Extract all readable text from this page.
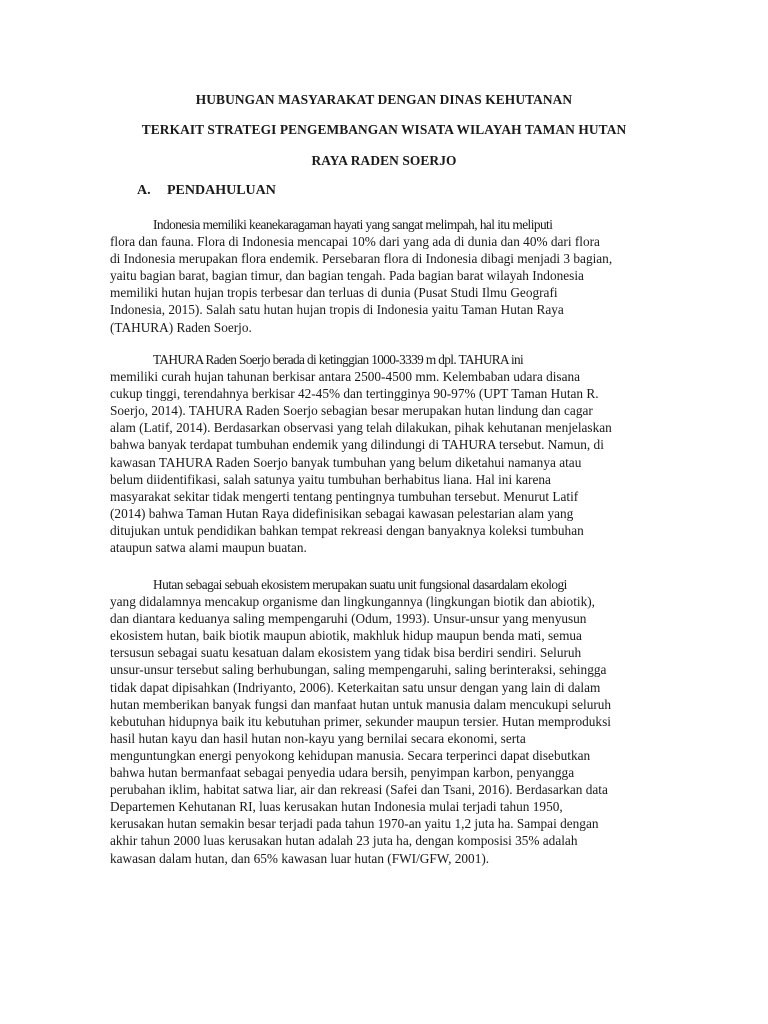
HUBUNGAN MASYARAKAT DENGAN DINAS KEHUTANAN
TERKAIT STRATEGI PENGEMBANGAN WISATA WILAYAH TAMAN HUTAN
RAYA RADEN SOERJO
A. PENDAHULUAN
Indonesia memiliki keanekaragaman hayati yang sangat melimpah, hal itu meliputi
flora dan fauna. Flora di Indonesia mencapai 10% dari yang ada di dunia dan 40% dari flora
di Indonesia merupakan flora endemik. Persebaran flora di Indonesia dibagi menjadi 3 bagian,
yaitu bagian barat, bagian timur, dan bagian tengah. Pada bagian barat wilayah Indonesia
memiliki hutan hujan tropis terbesar dan terluas di dunia (Pusat Studi Ilmu Geografi
Indonesia, 2015). Salah satu hutan hujan tropis di Indonesia yaitu Taman Hutan Raya
(TAHURA) Raden Soerjo.
TAHURA Raden Soerjo berada di ketinggian 1000-3339 m dpl. TAHURA ini
memiliki curah hujan tahunan berkisar antara 2500-4500 mm. Kelembaban udara disana
cukup tinggi, terendahnya berkisar 42-45% dan tertingginya 90-97% (UPT Taman Hutan R.
Soerjo, 2014). TAHURA Raden Soerjo sebagian besar merupakan hutan lindung dan cagar
alam (Latif, 2014). Berdasarkan observasi yang telah dilakukan, pihak kehutanan menjelaskan
bahwa banyak terdapat tumbuhan endemik yang dilindungi di TAHURA tersebut. Namun, di
kawasan TAHURA Raden Soerjo banyak tumbuhan yang belum diketahui namanya atau
belum diidentifikasi, salah satunya yaitu tumbuhan berhabitus liana. Hal ini karena
masyarakat sekitar tidak mengerti tentang pentingnya tumbuhan tersebut. Menurut Latif
(2014) bahwa Taman Hutan Raya didefinisikan sebagai kawasan pelestarian alam yang
ditujukan untuk pendidikan bahkan tempat rekreasi dengan banyaknya koleksi tumbuhan
ataupun satwa alami maupun buatan.
Hutan sebagai sebuah ekosistem merupakan suatu unit fungsional dasardalam ekologi
yang didalamnya mencakup organisme dan lingkungannya (lingkungan biotik dan abiotik),
dan diantara keduanya saling mempengaruhi (Odum, 1993). Unsur-unsur yang menyusun
ekosistem hutan, baik biotik maupun abiotik, makhluk hidup maupun benda mati, semua
tersusun sebagai suatu kesatuan dalam ekosistem yang tidak bisa berdiri sendiri. Seluruh
unsur-unsur tersebut saling berhubungan, saling mempengaruhi, saling berinteraksi, sehingga
tidak dapat dipisahkan (Indriyanto, 2006). Keterkaitan satu unsur dengan yang lain di dalam
hutan memberikan banyak fungsi dan manfaat hutan untuk manusia dalam mencukupi seluruh
kebutuhan hidupnya baik itu kebutuhan primer, sekunder maupun tersier. Hutan memproduksi
hasil hutan kayu dan hasil hutan non-kayu yang bernilai secara ekonomi, serta
menguntungkan energi penyokong kehidupan manusia. Secara terperinci dapat disebutkan
bahwa hutan bermanfaat sebagai penyedia udara bersih, penyimpan karbon, penyangga
perubahan iklim, habitat satwa liar, air dan rekreasi (Safei dan Tsani, 2016). Berdasarkan data
Departemen Kehutanan RI, luas kerusakan hutan Indonesia mulai terjadi tahun 1950,
kerusakan hutan semakin besar terjadi pada tahun 1970-an yaitu 1,2 juta ha. Sampai dengan
akhir tahun 2000 luas kerusakan hutan adalah 23 juta ha, dengan komposisi 35% adalah
kawasan dalam hutan, dan 65% kawasan luar hutan (FWI/GFW, 2001).
